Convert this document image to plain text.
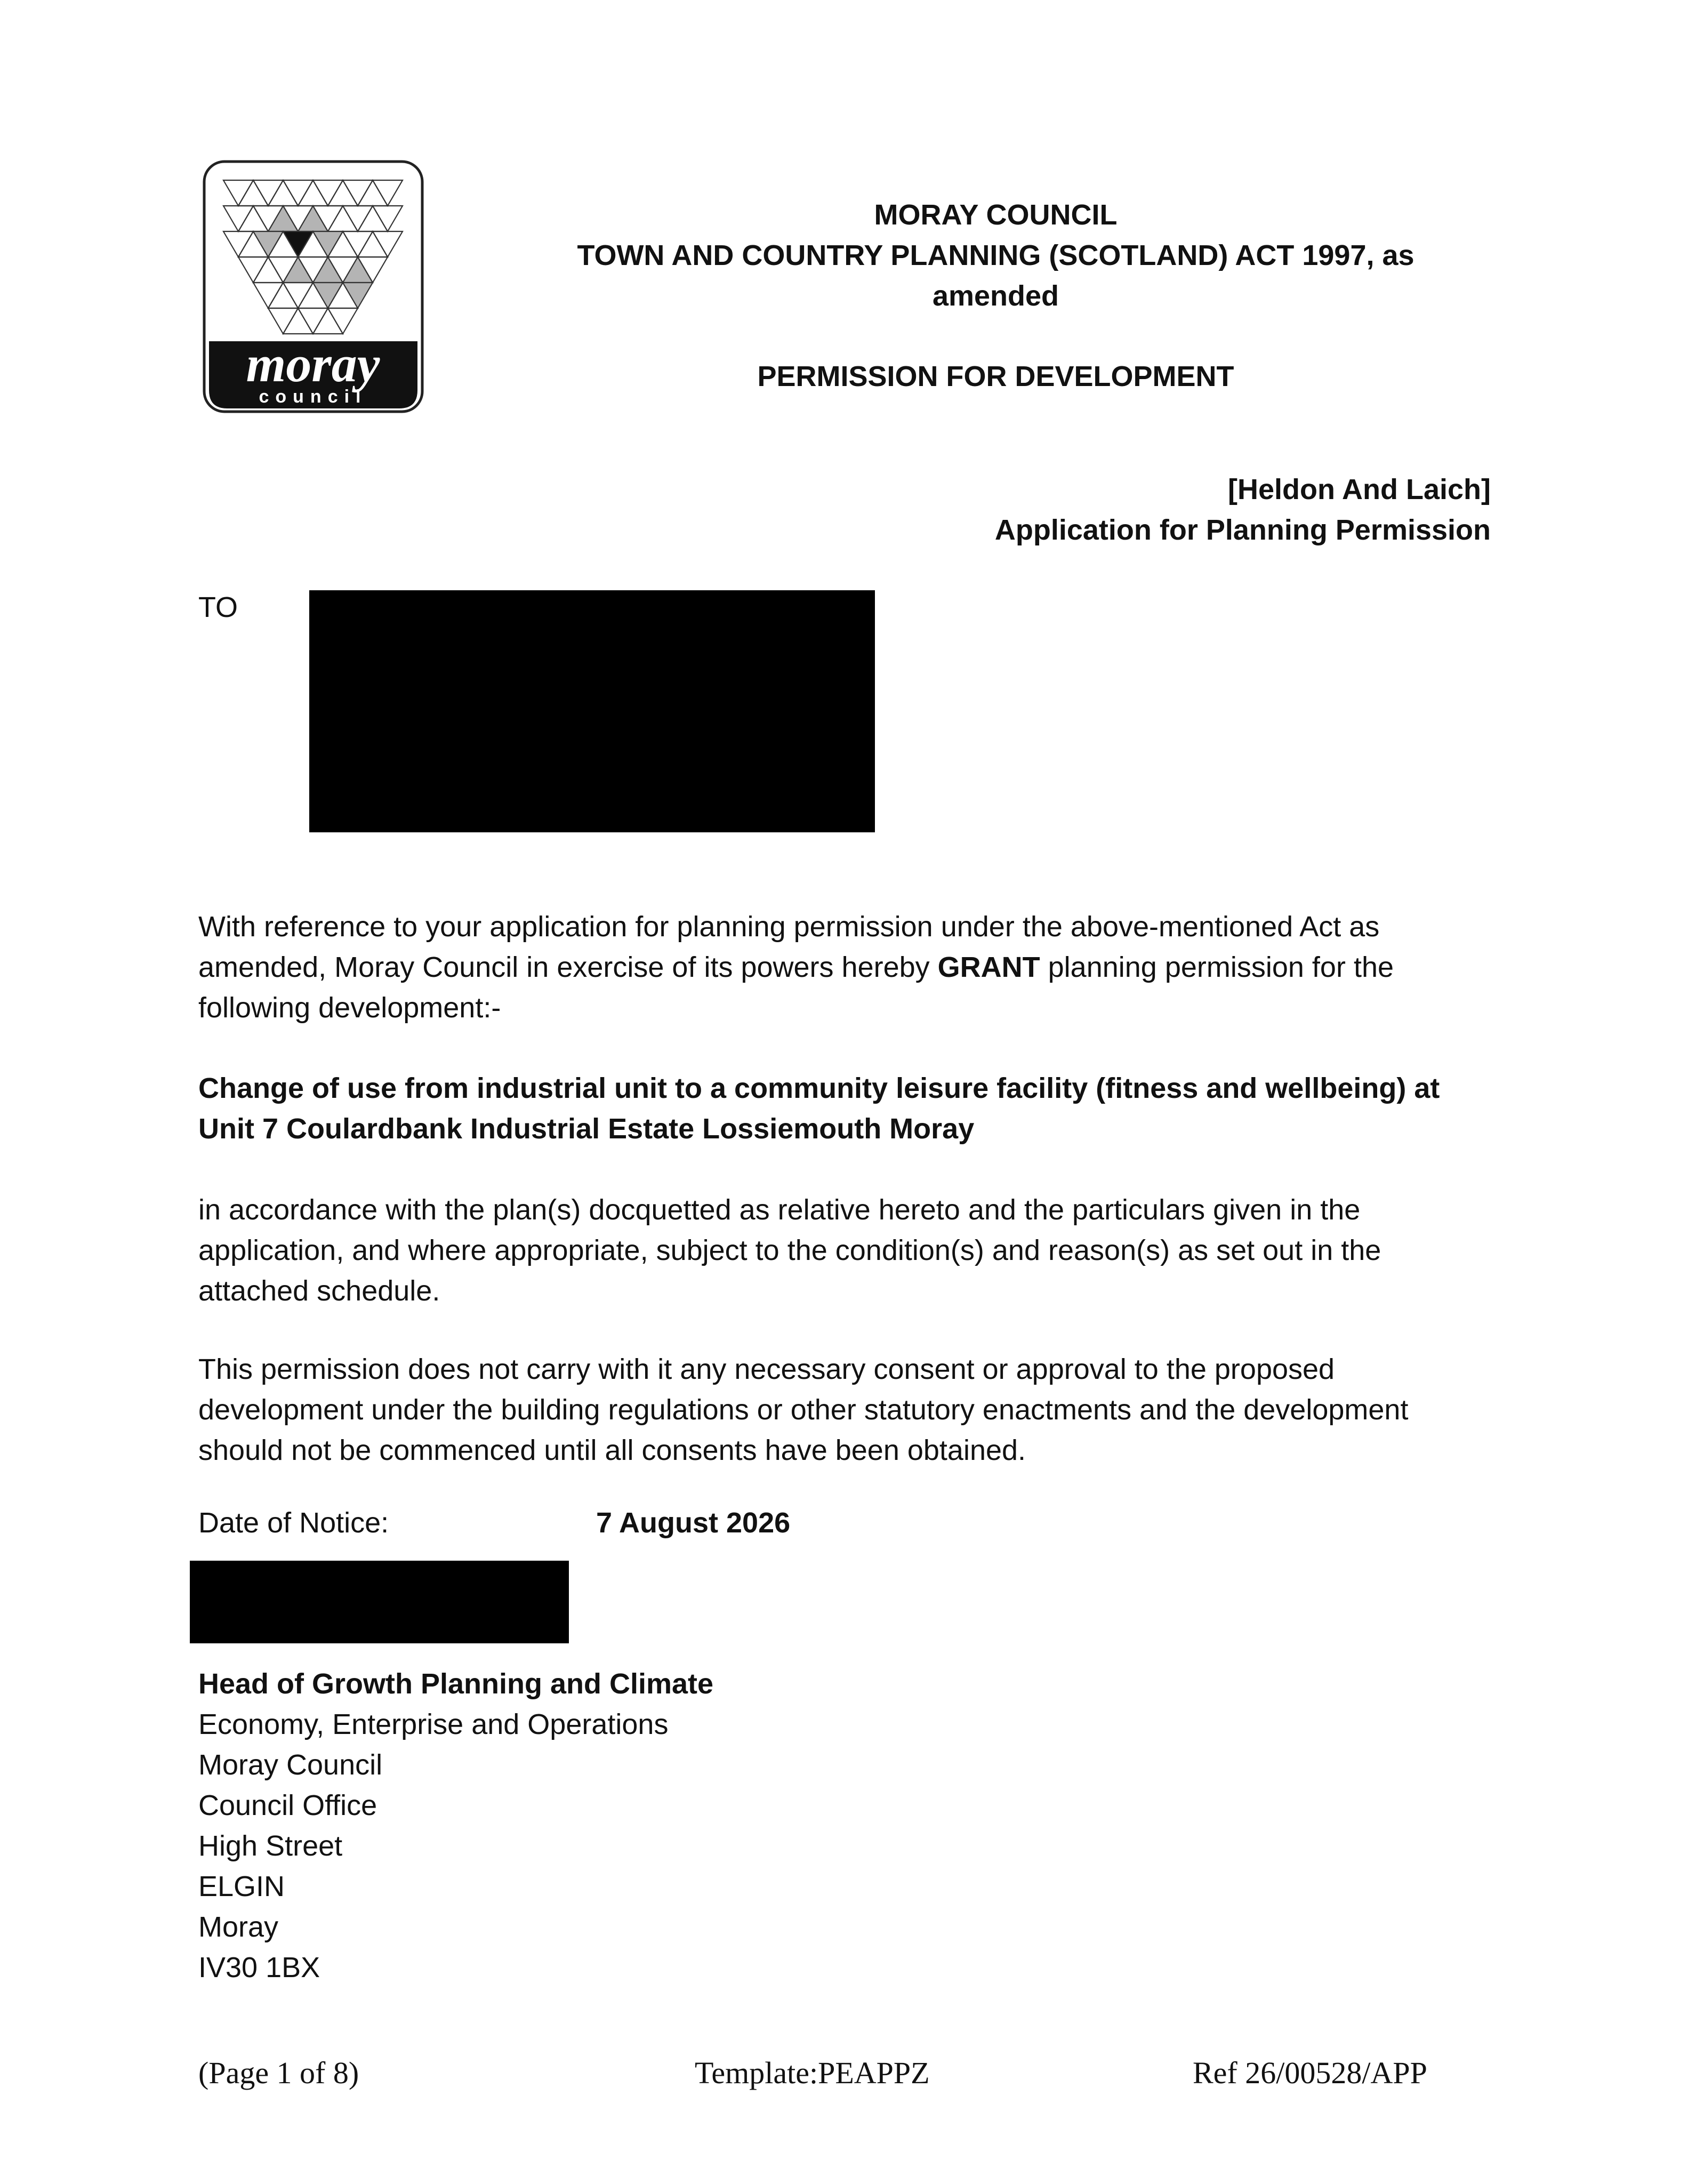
moray
council
MORAY COUNCIL
TOWN AND COUNTRY PLANNING (SCOTLAND) ACT 1997, as
amended
PERMISSION FOR DEVELOPMENT
[Heldon And Laich]
Application for Planning Permission
TO
With reference to your application for planning permission under the above-mentioned Act as amended, Moray Council in exercise of its powers hereby GRANT planning permission for the following development:-
Change of use from industrial unit to a community leisure facility (fitness and wellbeing) at Unit 7 Coulardbank Industrial Estate Lossiemouth Moray
in accordance with the plan(s) docquetted as relative hereto and the particulars given in the application, and where appropriate, subject to the condition(s) and reason(s) as set out in the attached schedule.
This permission does not carry with it any necessary consent or approval to the proposed development under the building regulations or other statutory enactments and the development should not be commenced until all consents have been obtained.
Date of Notice:	7 August 2026
Head of Growth Planning and Climate
Economy, Enterprise and Operations
Moray Council
Council Office
High Street
ELGIN
Moray
IV30 1BX
(Page 1 of 8)	Template:PEAPPZ	Ref 26/00528/APP
